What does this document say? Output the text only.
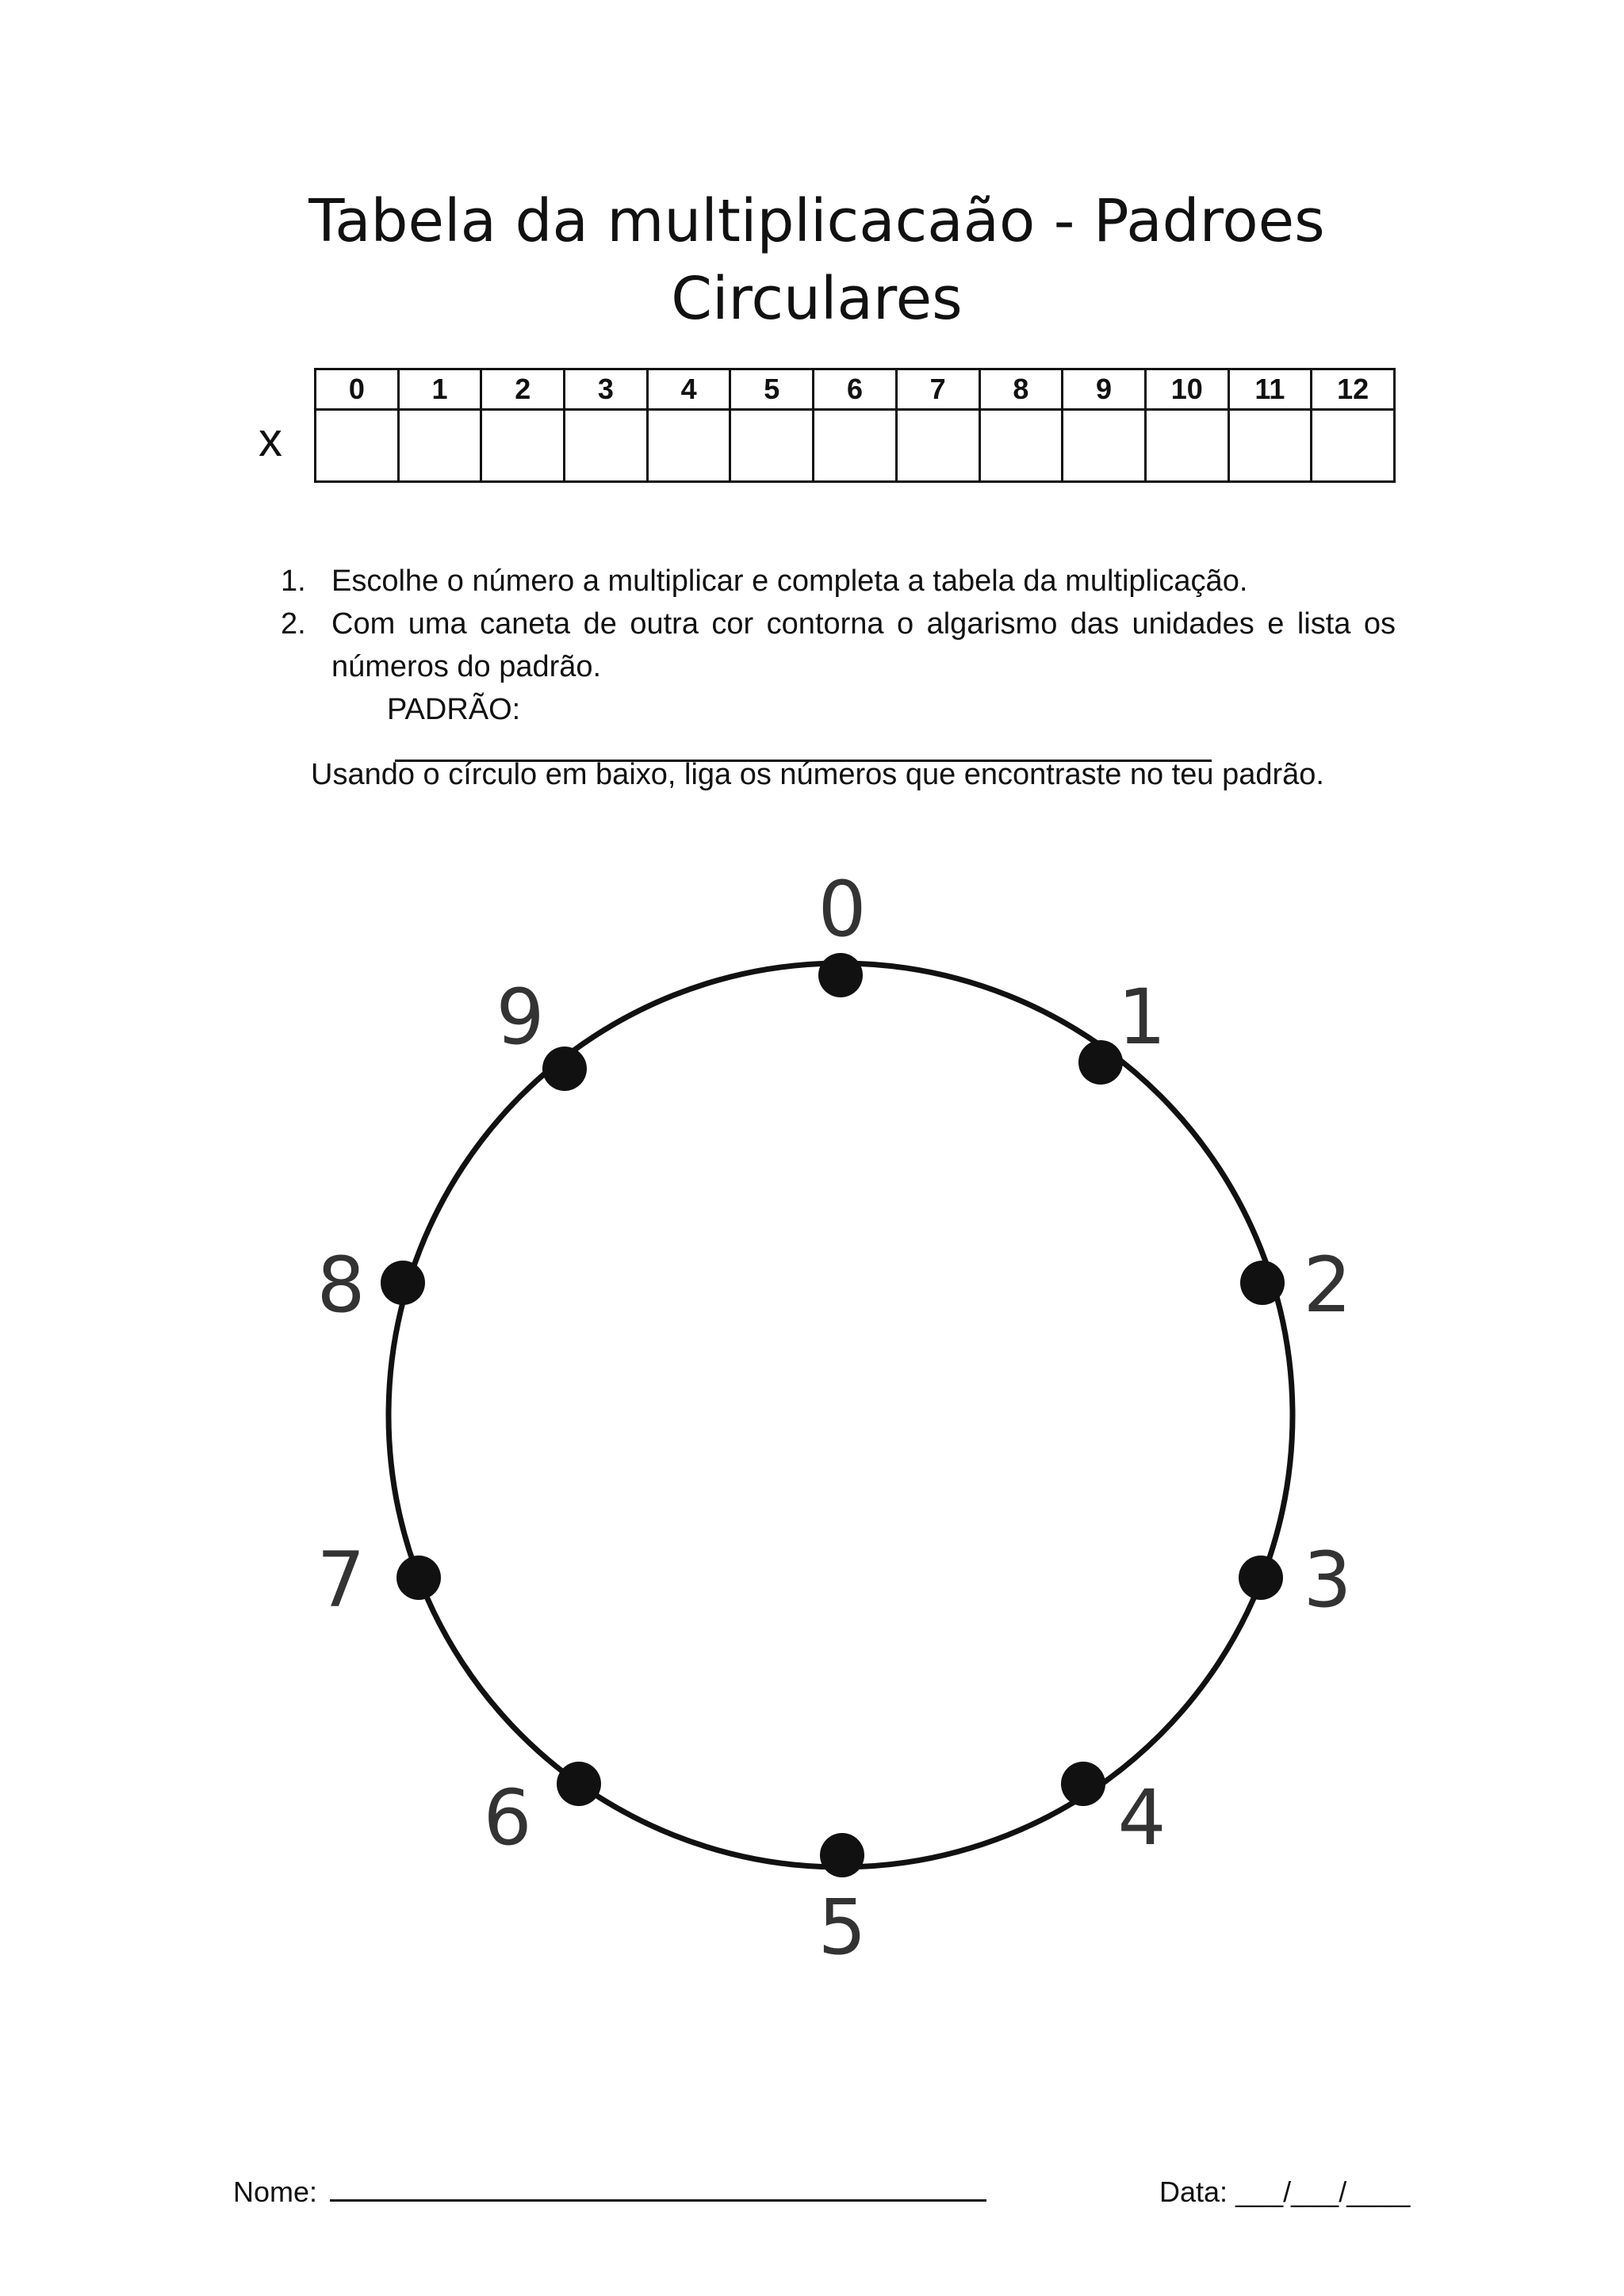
Tabela da multiplicacaão - Padroes
Circulares
x
0	1	2	3	4	5	6	7	8	9	10	11	12

1. Escolhe o número a multiplicar e completa a tabela da multiplicação.
2. Com uma caneta de outra cor contorna o algarismo das unidades e lista os
números do padrão.
PADRÃO:
Usando o círculo em baixo, liga os números que encontraste no teu padrão.
0
1
2
3
4
5
6
7
8
9
Nome:	Data: ___/___/____
